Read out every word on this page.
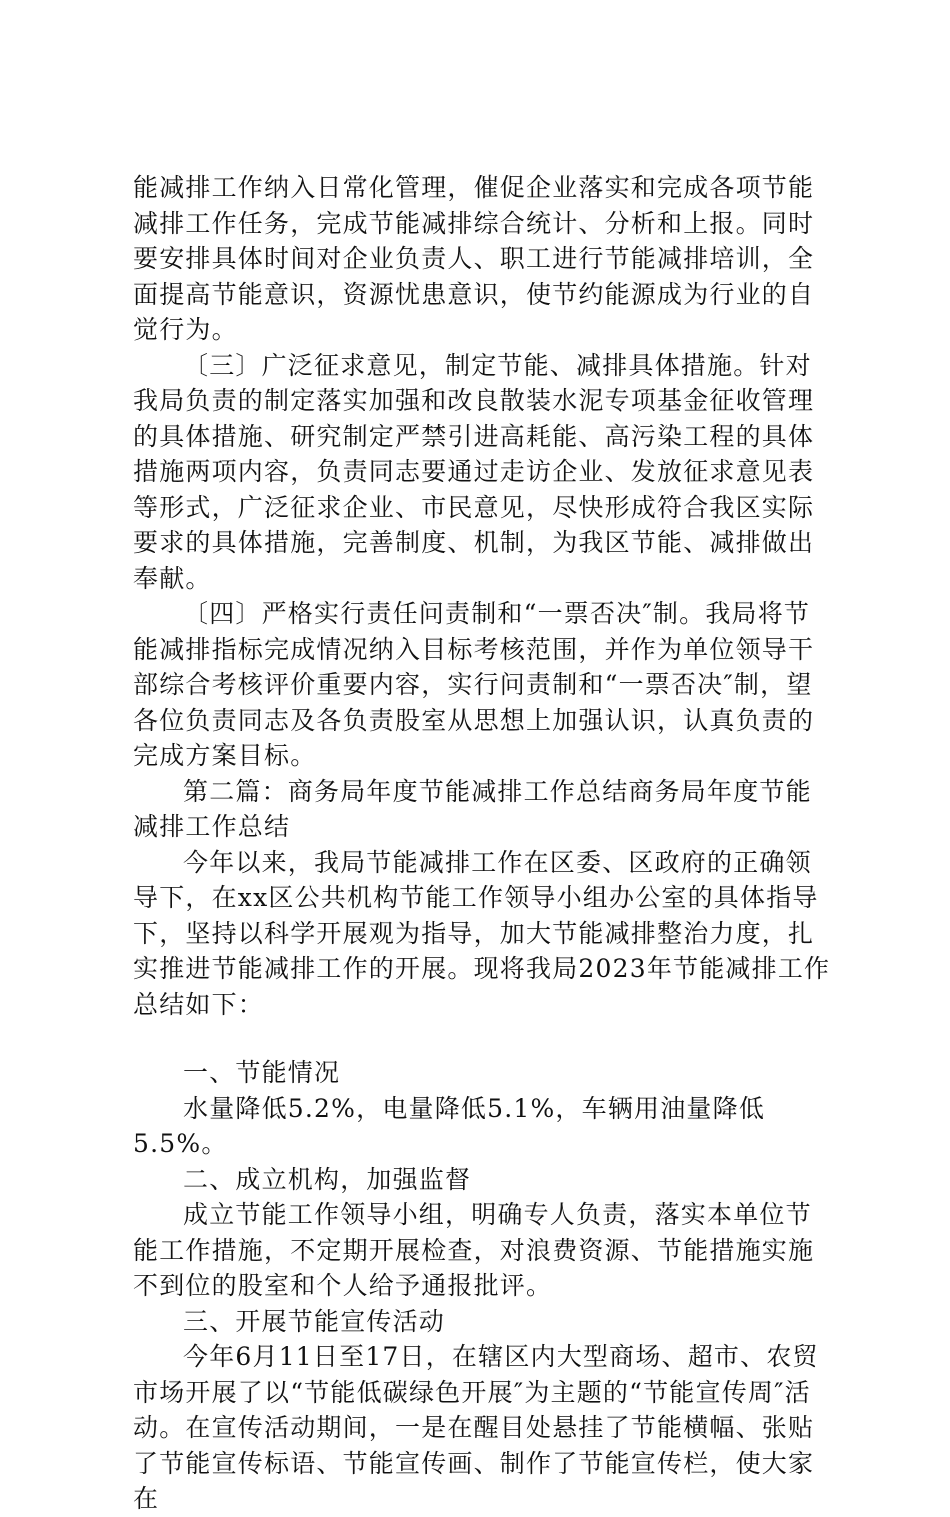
能减排工作纳入日常化管理，催促企业落实和完成各项节能减排工作任务，完成节能减排综合统计、分析和上报。同时要安排具体时间对企业负责人、职工进行节能减排培训，全面提高节能意识，资源忧患意识，使节约能源成为行业的自觉行为。

〔三〕广泛征求意见，制定节能、减排具体措施。针对我局负责的制定落实加强和改良散装水泥专项基金征收管理的具体措施、研究制定严禁引进高耗能、高污染工程的具体措施两项内容，负责同志要通过走访企业、发放征求意见表等形式，广泛征求企业、市民意见，尽快形成符合我区实际要求的具体措施，完善制度、机制，为我区节能、减排做出奉献。

〔四〕严格实行责任问责制和“一票否决″制。我局将节能减排指标完成情况纳入目标考核范围，并作为单位领导干部综合考核评价重要内容，实行问责制和“一票否决″制，望各位负责同志及各负责股室从思想上加强认识，认真负责的完成方案目标。

第二篇：商务局年度节能减排工作总结商务局年度节能减排工作总结

今年以来，我局节能减排工作在区委、区政府的正确领导下，在xx区公共机构节能工作领导小组办公室的具体指导下，坚持以科学开展观为指导，加大节能减排整治力度，扎实推进节能减排工作的开展。现将我局2023年节能减排工作总结如下：

一、节能情况

水量降低5.2%，电量降低5.1%，车辆用油量降低5.5%。

二、成立机构，加强监督

成立节能工作领导小组，明确专人负责，落实本单位节能工作措施，不定期开展检查，对浪费资源、节能措施实施不到位的股室和个人给予通报批评。

三、开展节能宣传活动

今年6月11日至17日，在辖区内大型商场、超市、农贸市场开展了以“节能低碳绿色开展″为主题的“节能宣传周″活动。在宣传活动期间，一是在醒目处悬挂了节能横幅、张贴了节能宣传标语、节能宣传画、制作了节能宣传栏，使大家在
